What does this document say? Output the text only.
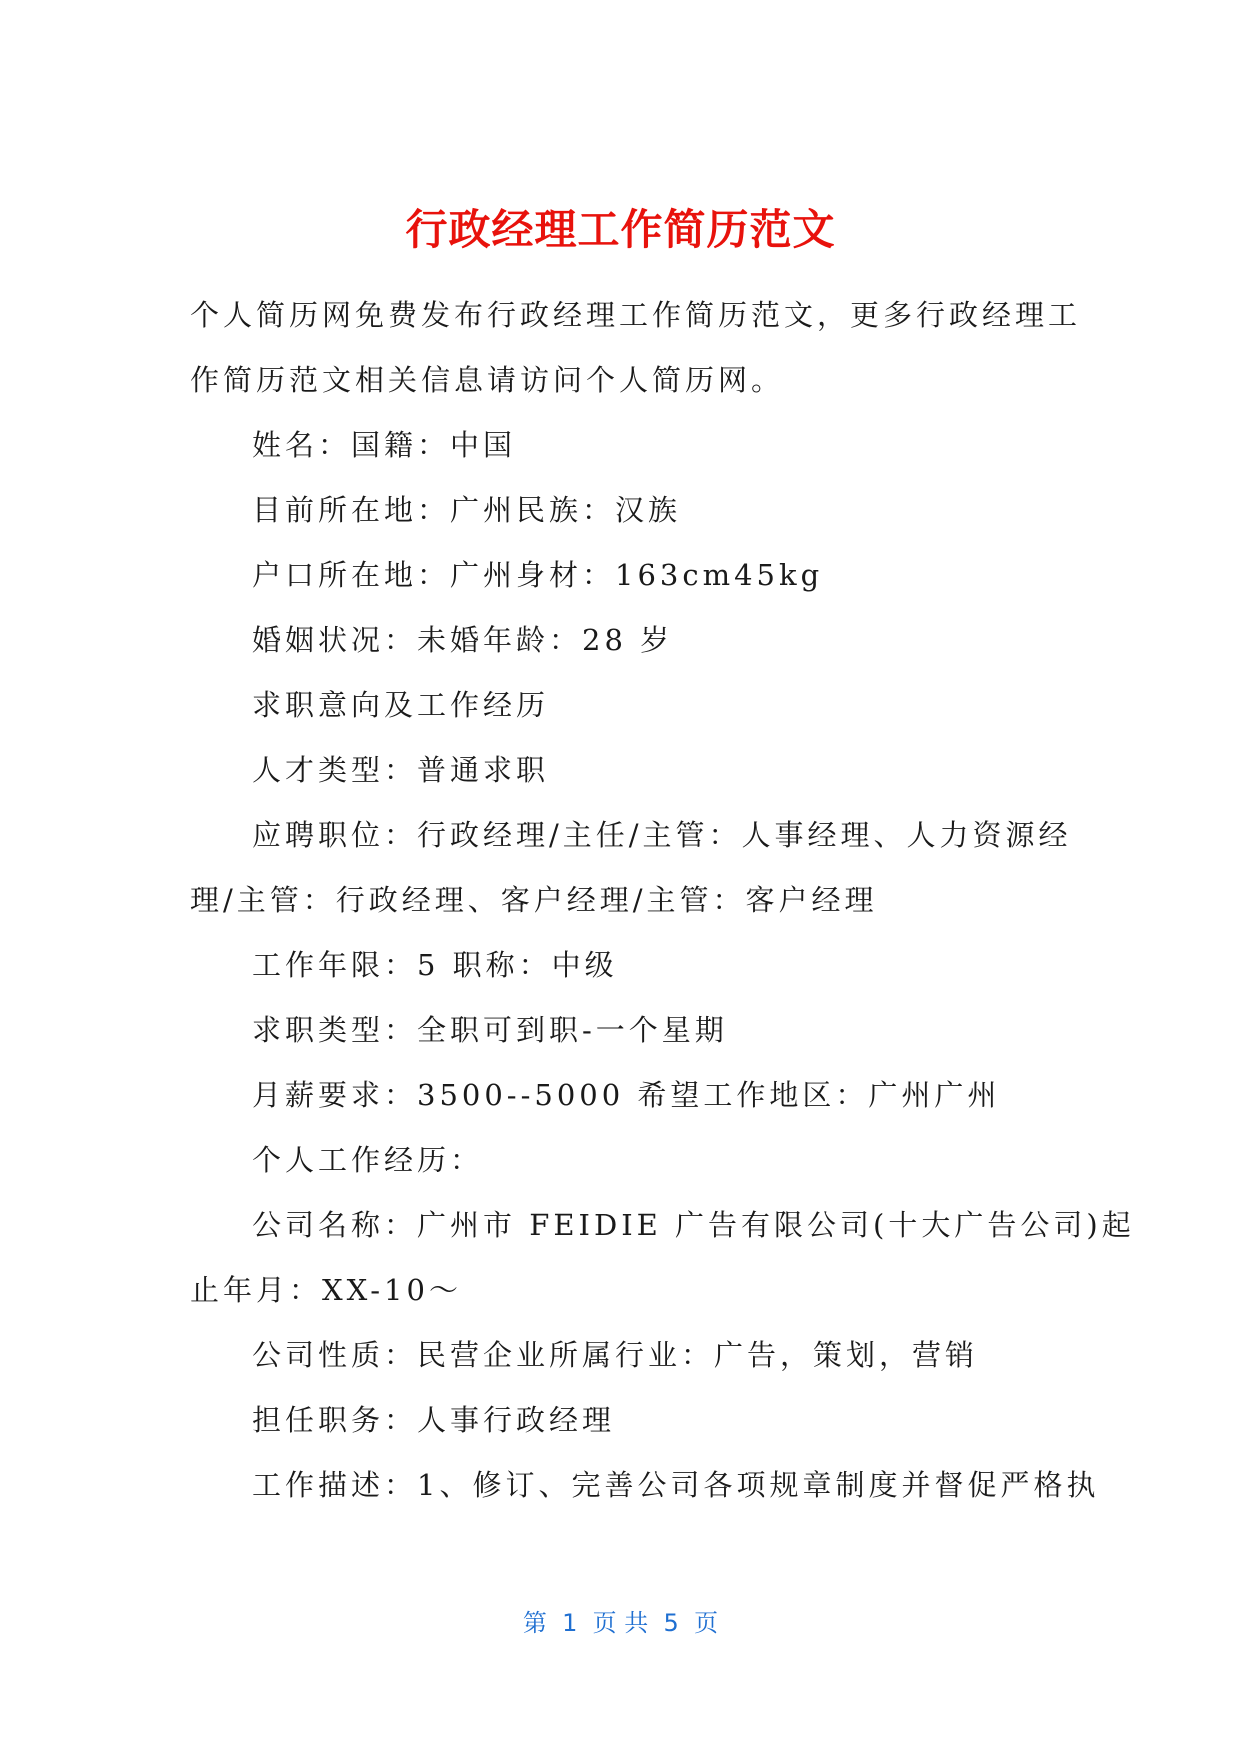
行政经理工作简历范文

个人简历网免费发布行政经理工作简历范文，更多行政经理工

作简历范文相关信息请访问个人简历网。

姓名：国籍：中国

目前所在地：广州民族：汉族

户口所在地：广州身材：163cm45kg

婚姻状况：未婚年龄：28 岁

求职意向及工作经历

人才类型：普通求职

应聘职位：行政经理/主任/主管：人事经理、人力资源经

理/主管：行政经理、客户经理/主管：客户经理

工作年限：5 职称：中级

求职类型：全职可到职-一个星期

月薪要求：3500--5000 希望工作地区：广州广州

个人工作经历：

公司名称：广州市 FEIDIE 广告有限公司(十大广告公司)起

止年月：XX-10～

公司性质：民营企业所属行业：广告，策划，营销

担任职务：人事行政经理

工作描述：1、修订、完善公司各项规章制度并督促严格执

第  1  页 共  5  页
